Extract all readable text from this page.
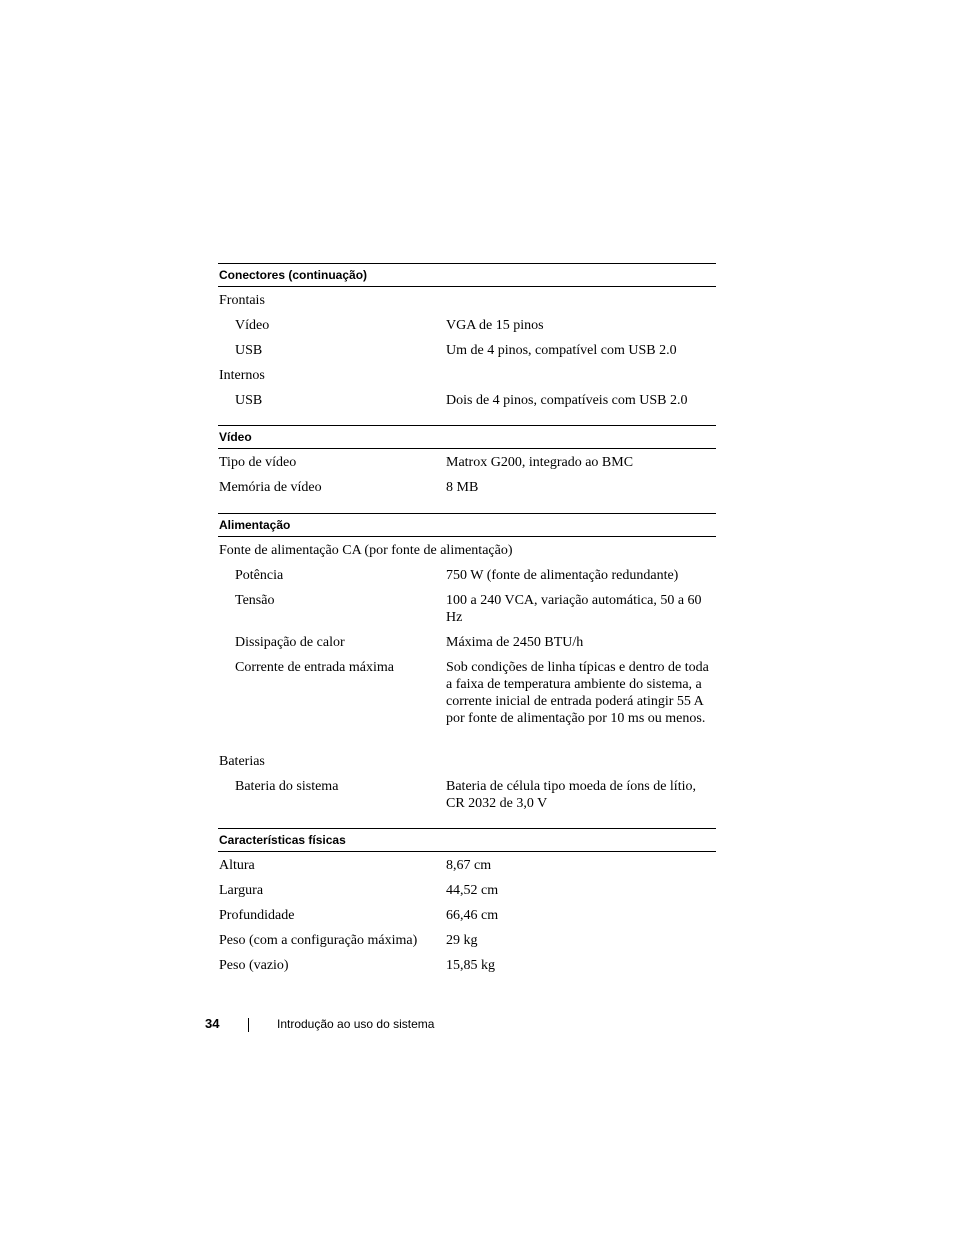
Conectores (continuação)
Frontais
Vídeo	VGA de 15 pinos
USB	Um de 4 pinos, compatível com USB 2.0
Internos
USB	Dois de 4 pinos, compatíveis com USB 2.0
Vídeo
Tipo de vídeo	Matrox G200, integrado ao BMC
Memória de vídeo	8 MB
Alimentação
Fonte de alimentação CA (por fonte de alimentação)
Potência	750 W (fonte de alimentação redundante)
Tensão	100 a 240 VCA, variação automática, 50 a 60 Hz
Dissipação de calor	Máxima de 2450 BTU/h
Corrente de entrada máxima	Sob condições de linha típicas e dentro de toda a faixa de temperatura ambiente do sistema, a corrente inicial de entrada poderá atingir 55 A por fonte de alimentação por 10 ms ou menos.
Baterias
Bateria do sistema	Bateria de célula tipo moeda de íons de lítio, CR 2032 de 3,0 V
Características físicas
Altura	8,67 cm
Largura	44,52 cm
Profundidade	66,46 cm
Peso (com a configuração máxima) 29 kg
Peso (vazio)	15,85 kg
34	Introdução ao uso do sistema
